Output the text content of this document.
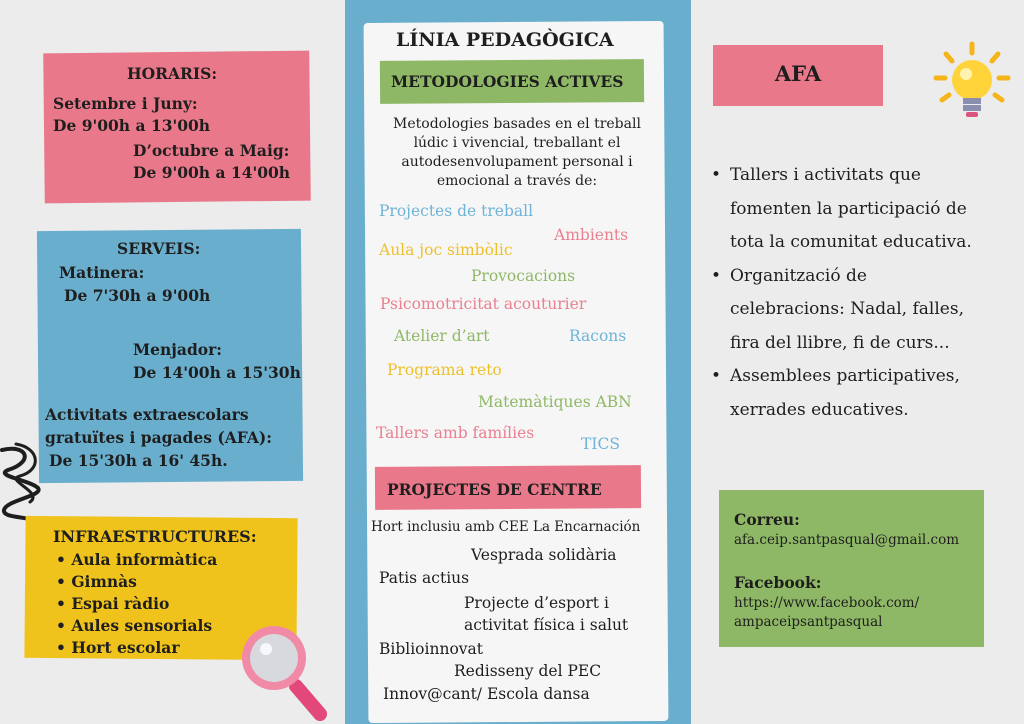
HORARIS:
Setembre i Juny:
De 9'00h a 13'00h
D’octubre a Maig:
De 9'00h a 14'00h
SERVEIS:
Matinera:
De 7'30h a 9'00h
Menjador:
De 14'00h a 15'30h
Activitats extraescolars
gratuïtes i pagades (AFA):
De 15'30h a 16' 45h.
INFRAESTRUCTURES:
• Aula informàtica
• Gimnàs
• Espai ràdio
• Aules sensorials
• Hort escolar
LÍNIA PEDAGÒGICA
METODOLOGIES ACTIVES
Metodologies basades en el treball
lúdic i vivencial, treballant el
autodesenvolupament personal i
emocional a través de:
Projectes de treball
Ambients
Aula joc simbòlic
Provocacions
Psicomotricitat acouturier
Atelier d’art	Racons
Programa reto
Matemàtiques ABN
Tallers amb famílies
TICS
PROJECTES DE CENTRE
Hort inclusiu amb CEE La Encarnación
Vesprada solidària
Patis actius
Projecte d’esport i
activitat física i salut
Biblioinnovat
Redisseny del PEC
Innov@cant/ Escola dansa
AFA
• Tallers i activitats que
fomenten la participació de
tota la comunitat educativa.
• Organització de
celebracions: Nadal, falles,
fira del llibre, fi de curs...
• Assemblees participatives,
xerrades educatives.
Correu:
afa.ceip.santpasqual@gmail.com
Facebook:
https://www.facebook.com/
ampaceipsantpasqual
